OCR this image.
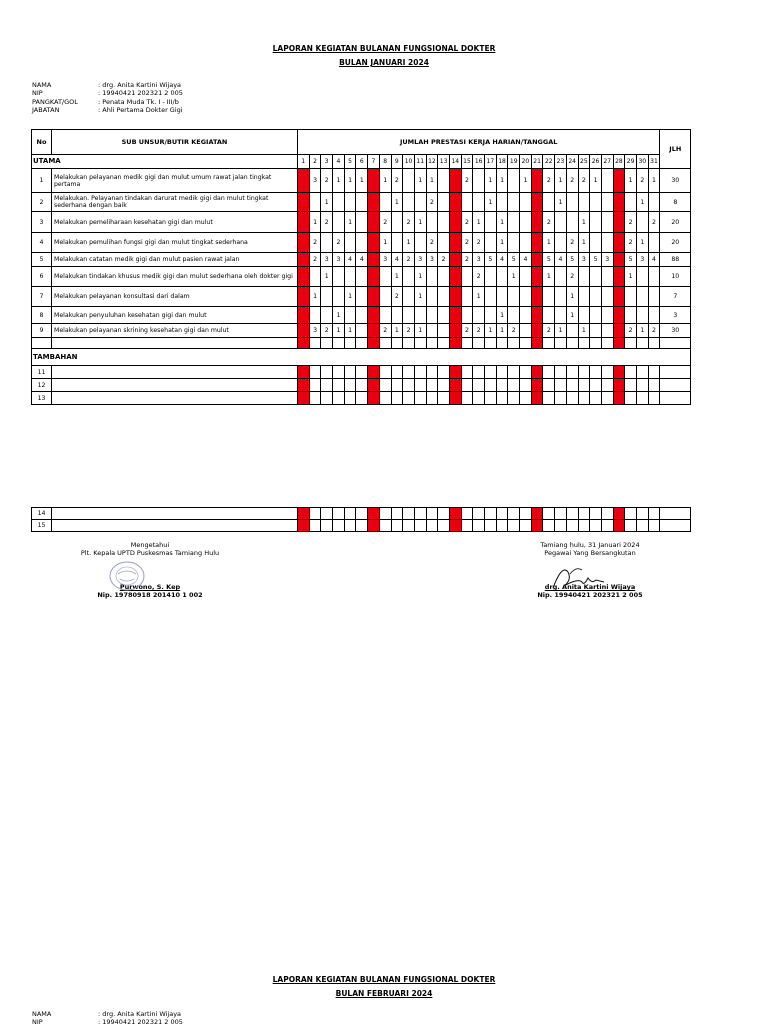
LAPORAN KEGIATAN BULANAN FUNGSIONAL DOKTER
BULAN JANUARI 2024
NAMA	: drg. Anita Kartini Wijaya
NIP	: 19940421 202321 2 005
PANGKAT/GOL	: Penata Muda Tk. I - III/b
JABATAN	: Ahli Pertama Dokter Gigi
No	SUB UNSUR/BUTIR KEGIATAN	JUMLAH PRESTASI KERJA HARIAN/TANGGAL																															JLH
UTAMA		1	2	3	4	5	6	7	8	9	10	11	12	13	14	15	16	17	18	19	20	21	22	23	24	25	26	27	28	29	30	31	
1	Melakukan pelayanan medik gigi dan mulut umum rawat jalan tingkat pertama		3	2	1	1	1		1	2		1	1			2		1	1		1		2	1	2	2	1			1	2	1	30
2	Melakukan. Pelayanan tindakan darurat medik gigi dan mulut tingkat sederhana dengan baik			1						1			2					1						1							1		8
3	Melakukan pemeliharaan kesehatan gigi dan mulut		1	2		1			2		2	1				2	1		1				2			1				2		2	20
4	Melakukan pemulihan fungsi gigi dan mulut tingkat sederhana		2		2				1		1		2			2	2		1				1		2	1				2	1		20
5	Melakukan catatan medik gigi dan mulut pasien rawat jalan		2	3	3	4	4		3	4	2	3	3	2		2	3	5	4	5	4		5	4	5	3	5	3		5	3	4	88
6	Melakukan tindakan khusus medik gigi dan mulut sederhana oleh dokter gigi			1						1		1					2			1			1		2					1			10
7	Melakukan pelayanan konsultasi dari dalam		1			1				2		1					1								1								7
8	Melakukan penyuluhan kesehatan gigi dan mulut				1														1						1								3
9	Melakukan pelayanan skrining kesehatan gigi dan mulut		3	2	1	1			2	1	2	1				2	2	1	1	2			2	1		1				2	1	2	30

TAMBAHAN																																	
11																																	
12																																	
13																																	
14																																	
15																																	
Mengetahui
Plt. Kepala UPTD Puskesmas Tamiang Hulu
Purwono, S. Kep
Nip. 19780918 201410 1 002
Tamiang hulu, 31 Januari 2024
Pegawai Yang Bersangkutan
drg. Anita Kartini Wijaya
Nip. 19940421 202321 2 005
LAPORAN KEGIATAN BULANAN FUNGSIONAL DOKTER
BULAN FEBRUARI 2024
NAMA	: drg. Anita Kartini Wijaya
NIP	: 19940421 202321 2 005
